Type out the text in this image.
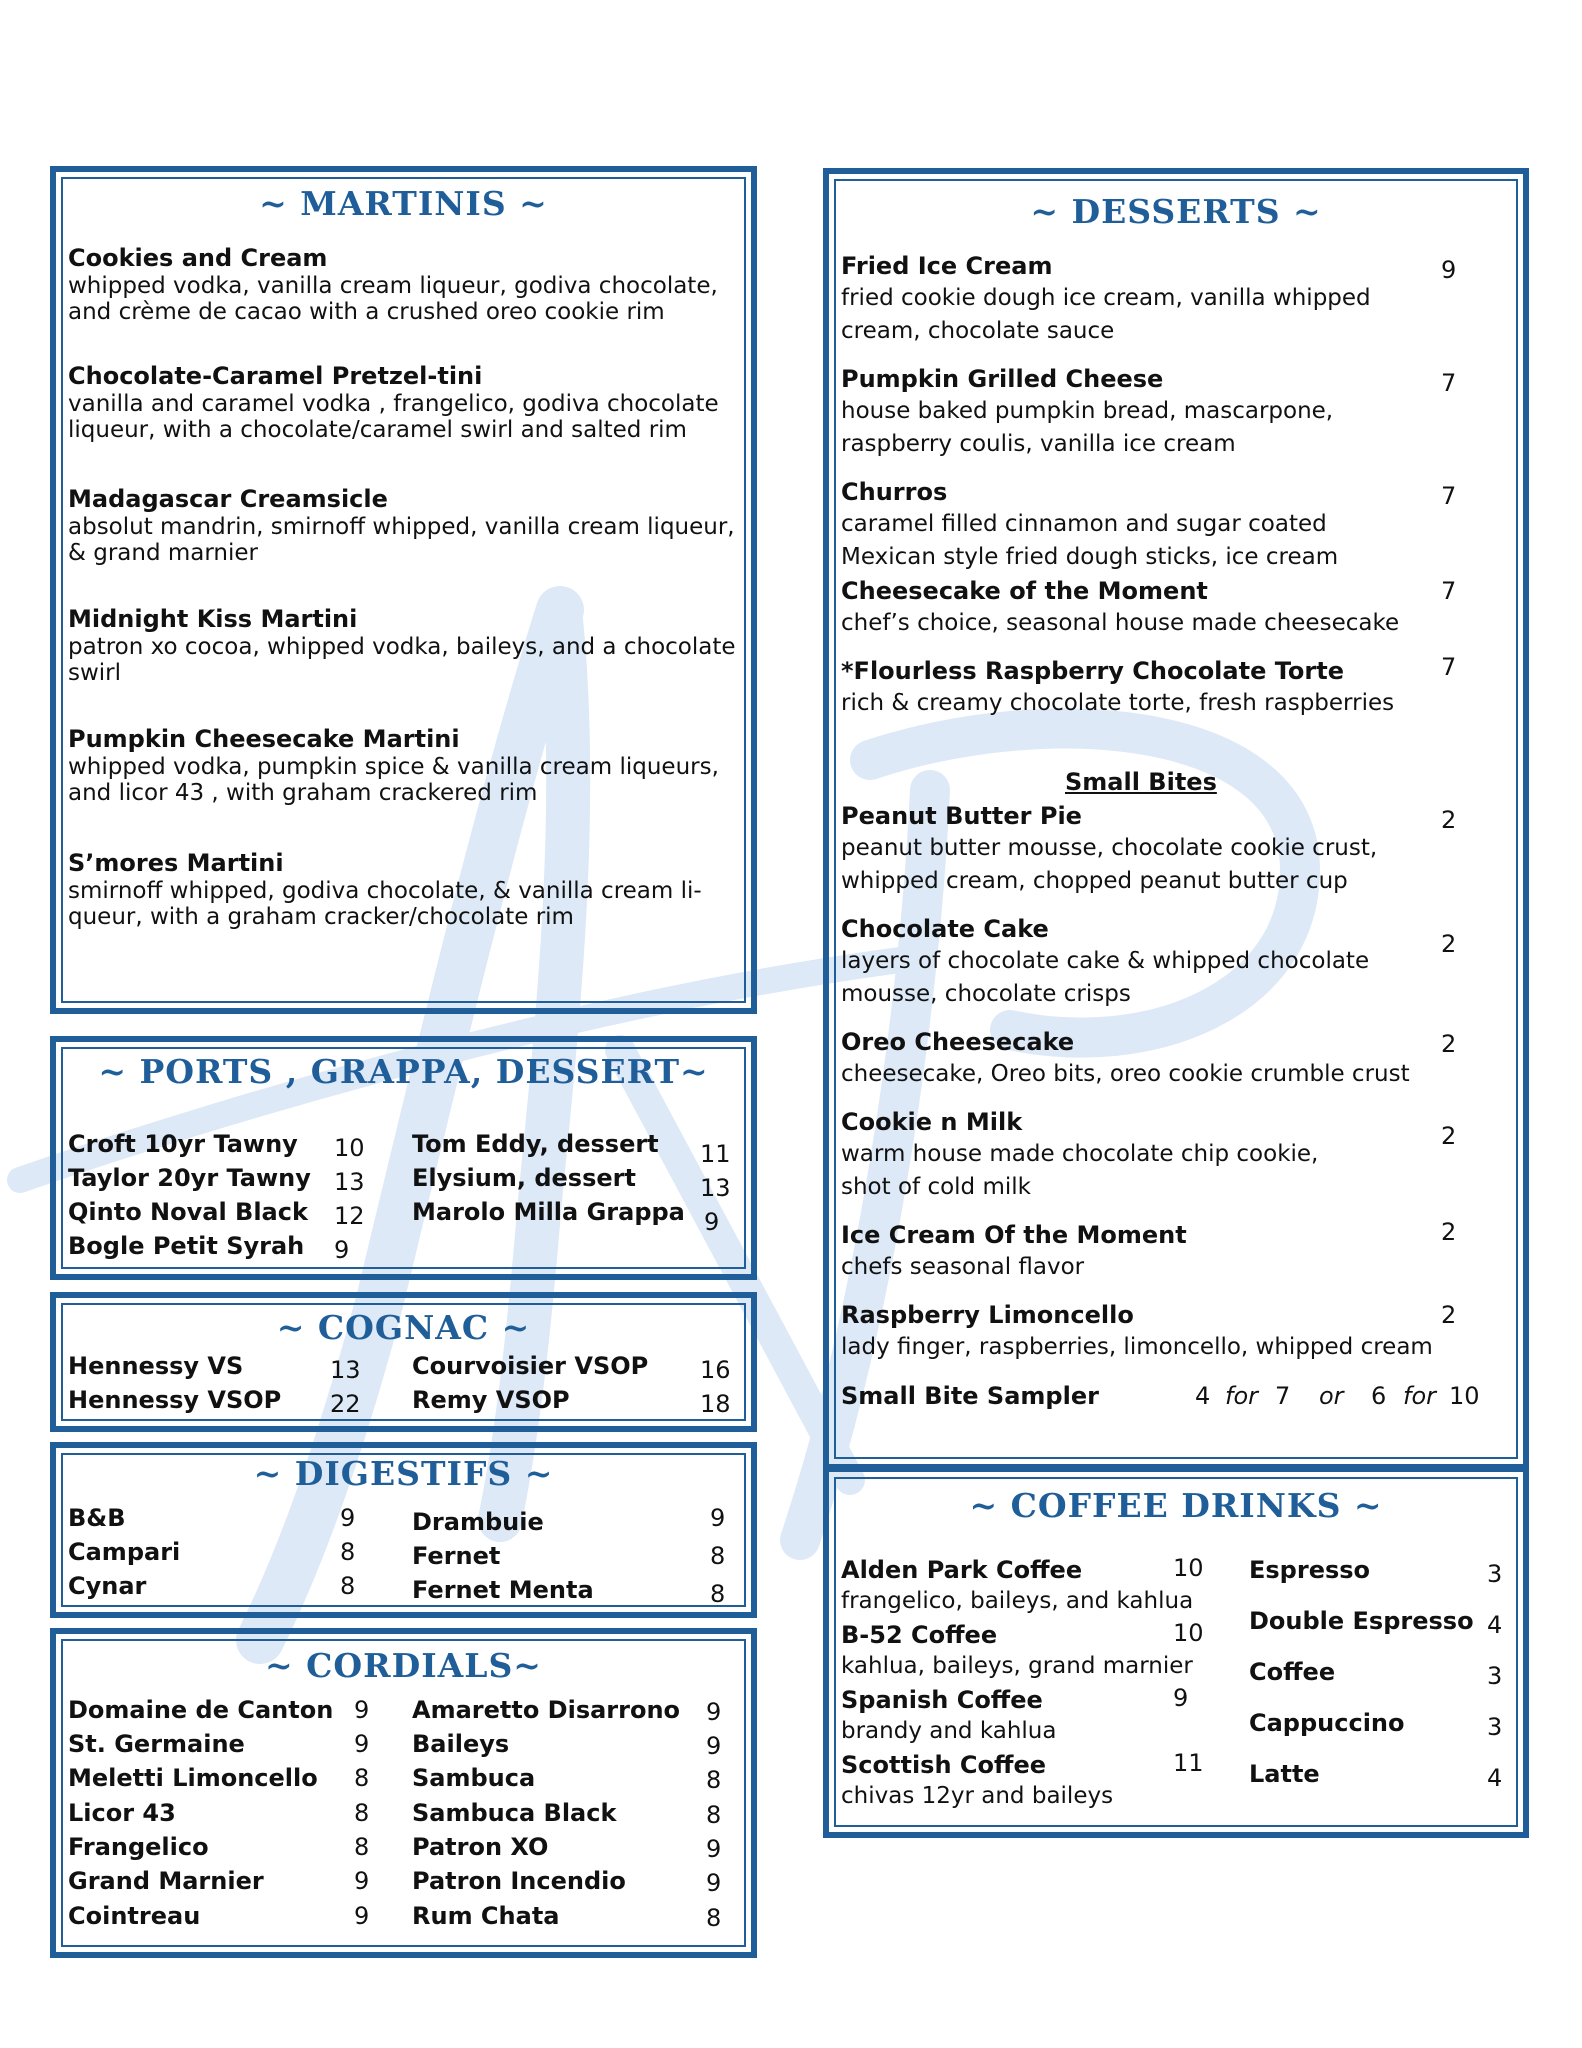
~ MARTINIS ~
Cookies and Cream
whipped vodka, vanilla cream liqueur, godiva chocolate,
and crème de cacao with a crushed oreo cookie rim
Chocolate-Caramel Pretzel-tini
vanilla and caramel vodka , frangelico, godiva chocolate
liqueur, with a chocolate/caramel swirl and salted rim
Madagascar Creamsicle
absolut mandrin, smirnoff whipped, vanilla cream liqueur,
& grand marnier
Midnight Kiss Martini
patron xo cocoa, whipped vodka, baileys, and a chocolate
swirl
Pumpkin Cheesecake Martini
whipped vodka, pumpkin spice & vanilla cream liqueurs,
and licor 43 , with graham crackered rim
S’mores Martini
smirnoff whipped, godiva chocolate, & vanilla cream li-
queur, with a graham cracker/chocolate rim
~ PORTS , GRAPPA, DESSERT~
Croft 10yr Tawny 10
Taylor 20yr Tawny 13
Qinto Noval Black 12
Bogle Petit Syrah 9
Tom Eddy, dessert 11
Elysium, dessert	13
Marolo Milla Grappa 9
~ COGNAC ~
Hennessy VS	13
Hennessy VSOP 22
Courvoisier VSOP 16
Remy VSOP	18
~ DIGESTIFS ~
B&B	9
Campari	8
Cynar	8
Drambuie	9
Fernet	8
Fernet Menta	8
~ CORDIALS~
Domaine de Canton 9
St. Germaine	9
Meletti Limoncello 8
Licor 43	8
Frangelico	8
Grand Marnier	9
Cointreau	9
Amaretto Disarrono 9
Baileys	9
Sambuca	8
Sambuca Black	8
Patron XO	9
Patron Incendio	9
Rum Chata	8
~ DESSERTS ~
Fried Ice Cream
fried cookie dough ice cream, vanilla whipped
cream, chocolate sauce
9
Pumpkin Grilled Cheese
house baked pumpkin bread, mascarpone,
raspberry coulis, vanilla ice cream
7
Churros
caramel filled cinnamon and sugar coated
Mexican style fried dough sticks, ice cream
7
Cheesecake of the Moment
chef’s choice, seasonal house made cheesecake
7
*Flourless Raspberry Chocolate Torte
rich & creamy chocolate torte, fresh raspberries
7
Small Bites
Peanut Butter Pie
peanut butter mousse, chocolate cookie crust,
whipped cream, chopped peanut butter cup
2
Chocolate Cake
layers of chocolate cake & whipped chocolate
mousse, chocolate crisps
2
Oreo Cheesecake
cheesecake, Oreo bits, oreo cookie crumble crust
2
Cookie n Milk
warm house made chocolate chip cookie,
shot of cold milk
2
Ice Cream Of the Moment
chefs seasonal flavor
2
Raspberry Limoncello
lady finger, raspberries, limoncello, whipped cream
2
Small Bite Sampler	4 for 7 or 6 for 10
~ COFFEE DRINKS ~
Alden Park Coffee
frangelico, baileys, and kahlua
10
B-52 Coffee
kahlua, baileys, grand marnier
10
Spanish Coffee
brandy and kahlua
9
Scottish Coffee
chivas 12yr and baileys
11
Espresso	3
Double Espresso 4
Coffee	3
Cappuccino	3
Latte	4
